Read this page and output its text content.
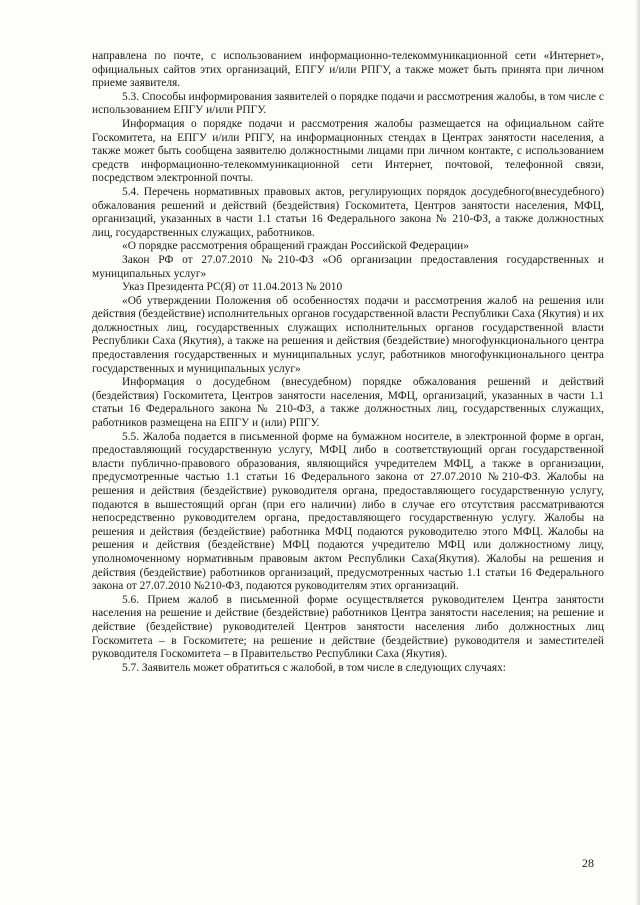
направлена по почте, с использованием информационно-телекоммуникационной сети «Интернет», официальных сайтов этих организаций, ЕПГУ и/или РПГУ, а также может быть принята при личном приеме заявителя.

5.3. Способы информирования заявителей о порядке подачи и рассмотрения жалобы, в том числе с использованием ЕПГУ и/или РПГУ.

Информация о порядке подачи и рассмотрения жалобы размещается на официальном сайте Госкомитета, на ЕПГУ и/или РПГУ, на информационных стендах в Центрах занятости населения, а также может быть сообщена заявителю должностными лицами при личном контакте, с использованием средств информационно-телекоммуникационной сети Интернет, почтовой, телефонной связи, посредством электронной почты.

5.4. Перечень нормативных правовых актов, регулирующих порядок досудебного(внесудебного) обжалования решений и действий (бездействия) Госкомитета, Центров занятости населения, МФЦ, организаций, указанных в части 1.1 статьи 16 Федерального закона № 210-ФЗ, а также должностных лиц, государственных служащих, работников.

«О порядке рассмотрения обращений граждан Российской Федерации»

Закон РФ от 27.07.2010 №210-ФЗ «Об организации предоставления государственных и муниципальных услуг»

Указ Президента РС(Я) от 11.04.2013 № 2010

«Об утверждении Положения об особенностях подачи и рассмотрения жалоб на решения или действия (бездействие) исполнительных органов государственной власти Республики Саха (Якутия) и их должностных лиц, государственных служащих исполнительных органов государственной власти Республики Саха (Якутия), а также на решения и действия (бездействие) многофункционального центра предоставления государственных и муниципальных услуг, работников многофункционального центра государственных и муниципальных услуг»

Информация о досудебном (внесудебном) порядке обжалования решений и действий (бездействия) Госкомитета, Центров занятости населения, МФЦ, организаций, указанных в части 1.1 статьи 16 Федерального закона № 210-ФЗ, а также должностных лиц, государственных служащих, работников размещена на ЕПГУ и (или) РПГУ.

5.5. Жалоба подается в письменной форме на бумажном носителе, в электронной форме в орган, предоставляющий государственную услугу, МФЦ либо в соответствующий орган государственной власти публично-правового образования, являющийся учредителем МФЦ, а также в организации, предусмотренные частью 1.1 статьи 16 Федерального закона от 27.07.2010 №210-ФЗ. Жалобы на решения и действия (бездействие) руководителя органа, предоставляющего государственную услугу, подаются в вышестоящий орган (при его наличии) либо в случае его отсутствия рассматриваются непосредственно руководителем органа, предоставляющего государственную услугу. Жалобы на решения и действия (бездействие) работника МФЦ подаются руководителю этого МФЦ. Жалобы на решения и действия (бездействие) МФЦ подаются учредителю МФЦ или должностному лицу, уполномоченному нормативным правовым актом Республики Саха(Якутия). Жалобы на решения и действия (бездействие) работников организаций, предусмотренных частью 1.1 статьи 16 Федерального закона от 27.07.2010 №210-ФЗ, подаются руководителям этих организаций.

5.6. Прием жалоб в письменной форме осуществляется руководителем Центра занятости населения на решение и действие (бездействие) работников Центра занятости населения; на решение и действие (бездействие) руководителей Центров занятости населения либо должностных лиц Госкомитета – в Госкомитете; на решение и действие (бездействие) руководителя и заместителей руководителя Госкомитета – в Правительство Республики Саха (Якутия).

5.7. Заявитель может обратиться с жалобой, в том числе в следующих случаях:

28
